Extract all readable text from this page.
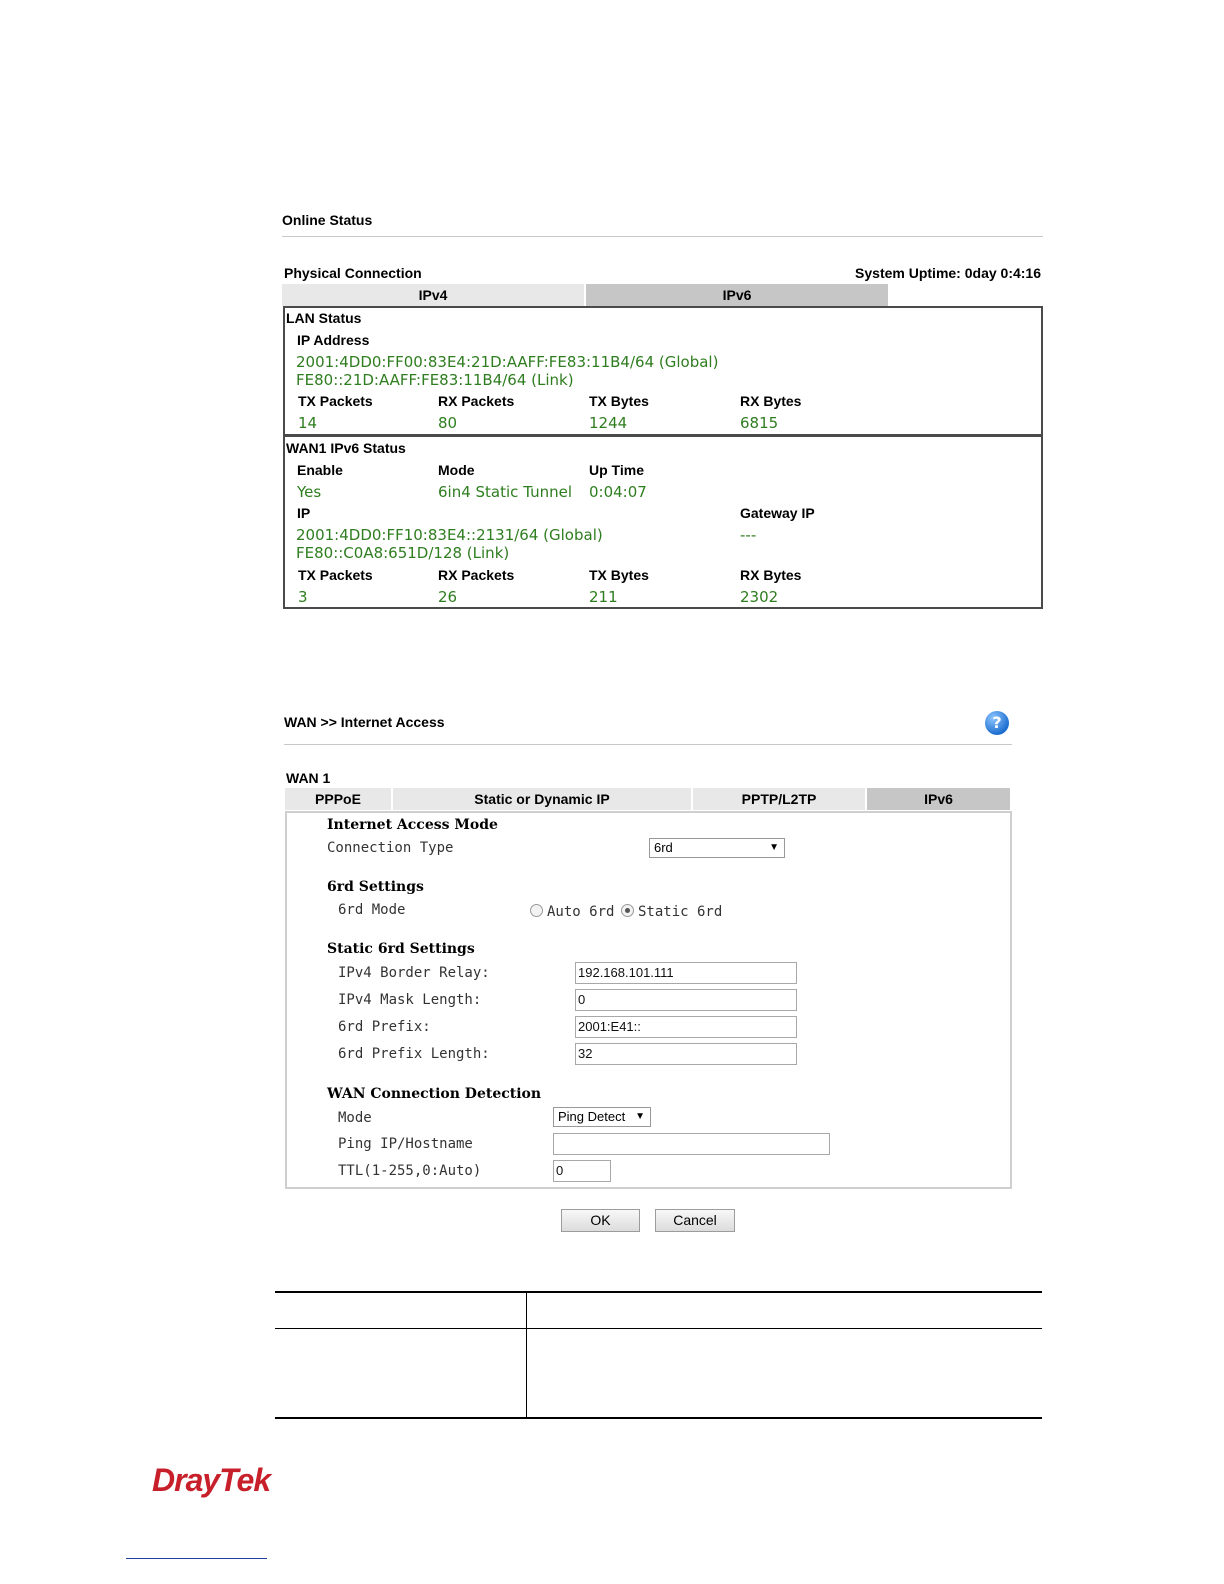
Online Status
Physical Connection	System Uptime: 0day 0:4:16
IPv4	IPv6
LAN Status
IP Address
2001:4DD0:FF00:83E4:21D:AAFF:FE83:11B4/64 (Global)
FE80::21D:AAFF:FE83:11B4/64 (Link)
TX Packets	RX Packets	TX Bytes	RX Bytes
14	80	1244	6815
WAN1 IPv6 Status
Enable	Mode	Up Time
Yes	6in4 Static Tunnel 0:04:07
IP	Gateway IP
2001:4DD0:FF10:83E4::2131/64 (Global)	---
FE80::C0A8:651D/128 (Link)
TX Packets	RX Packets	TX Bytes	RX Bytes
3	26	211	2302
WAN >> Internet Access	?
WAN 1
PPPoE	Static or Dynamic IP	PPTP/L2TP	IPv6
Internet Access Mode
Connection Type	6rd	▼
6rd Settings
6rd Mode	Auto 6rd Static 6rd
Static 6rd Settings
IPv4 Border Relay:	192.168.101.111
IPv4 Mask Length:	0
6rd Prefix:	2001:E41::
6rd Prefix Length:	32
WAN Connection Detection
Mode	Ping Detect ▼
Ping IP/Hostname
TTL(1-255,0:Auto)	0
OK	Cancel
DrayTek
